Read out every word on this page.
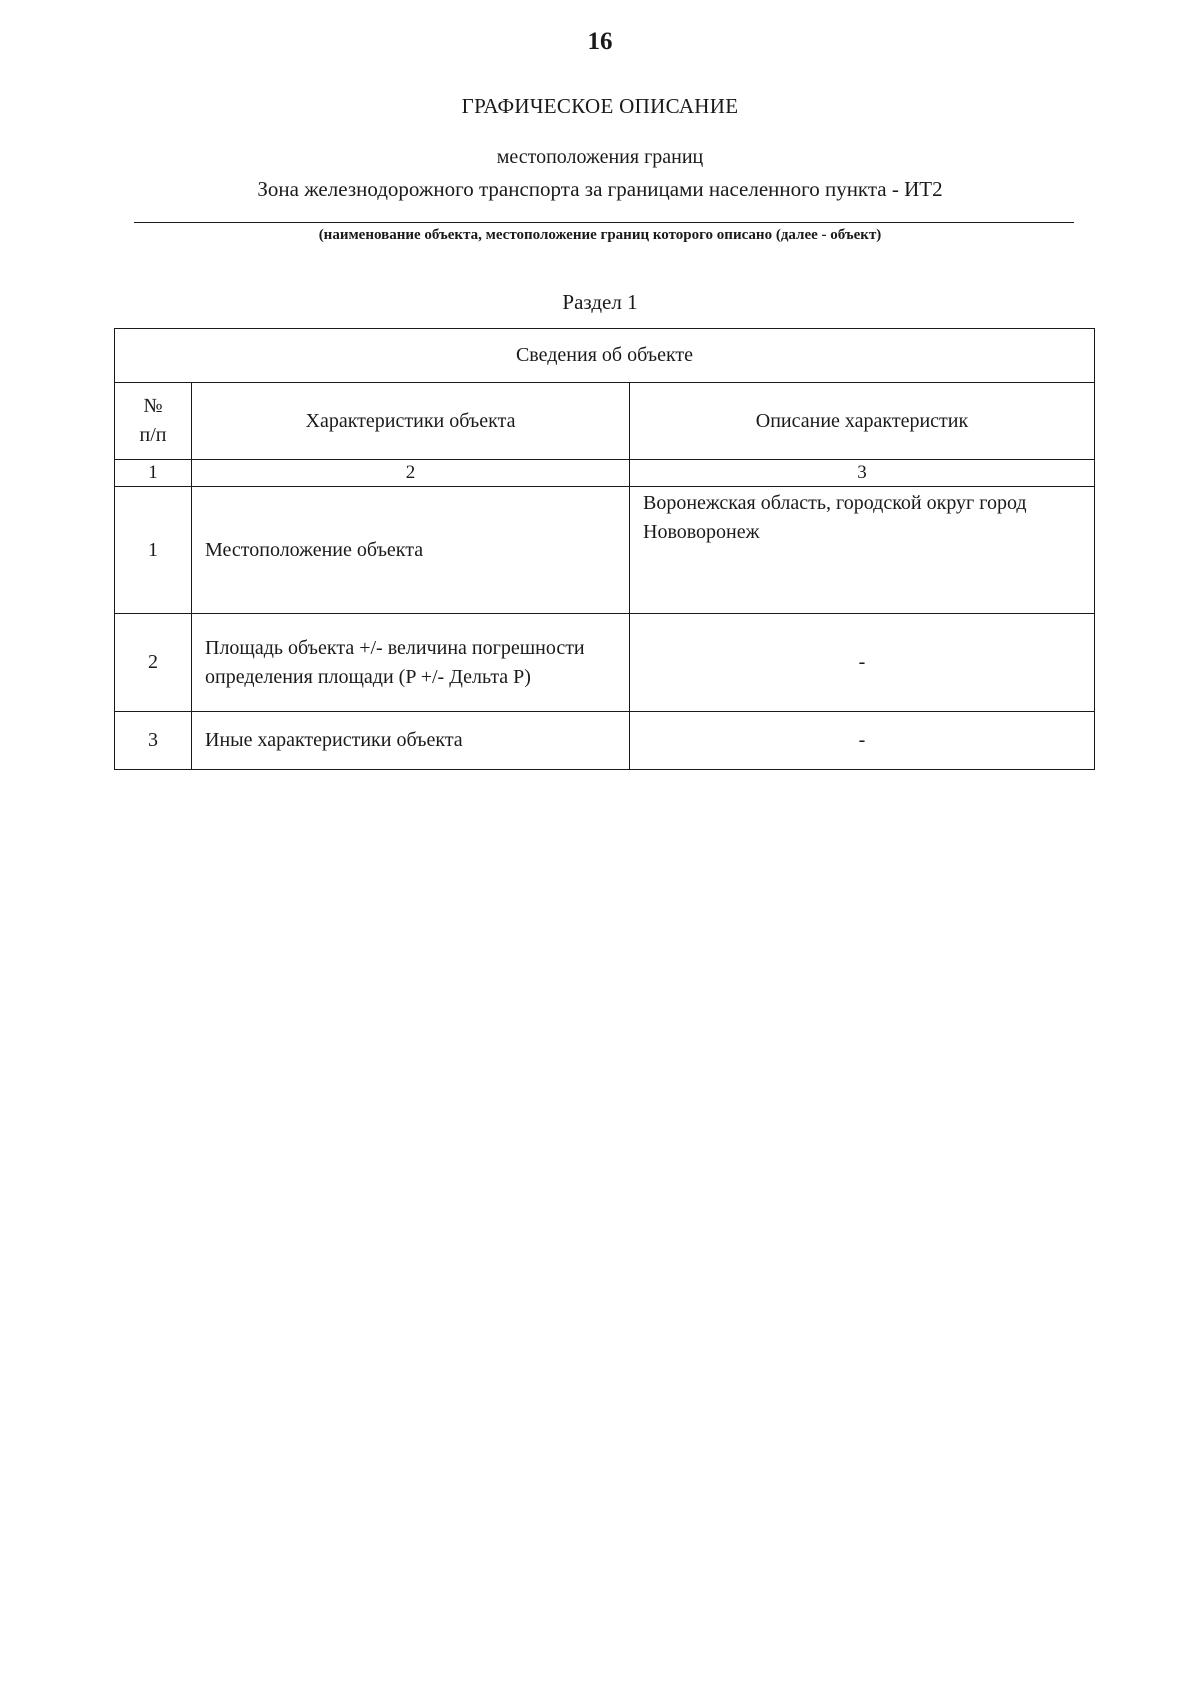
16
ГРАФИЧЕСКОЕ ОПИСАНИЕ
местоположения границ
Зона железнодорожного транспорта за границами населенного пункта - ИТ2
(наименование объекта, местоположение границ которого описано (далее - объект)
Раздел 1
Сведения об объекте		
№ п/п	Характеристики объекта	Описание характеристик
1	2	3
1	Местоположение объекта	Воронежская область, городской округ город Нововоронеж
2	Площадь объекта +/- величина погрешности определения площади (P +/- Дельта P)	-
3	Иные характеристики объекта	-
